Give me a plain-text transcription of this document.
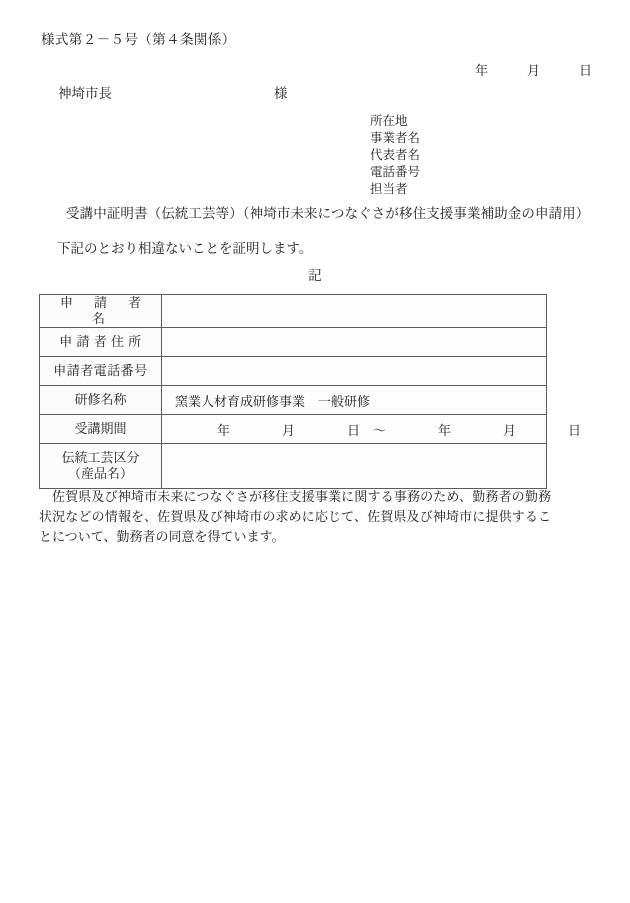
様式第２－５号（第４条関係）
年　　　月　　　日
神埼市長　　　　　　　　　　　　様
所在地
事業者名
代表者名
電話番号
担当者
受講中証明書（伝統工芸等）（神埼市未来につなぐさが移住支援事業補助金の申請用）
下記のとおり相違ないことを証明します。
記
申　請　者　名	
申 請 者 住 所	
申請者電話番号	
研修名称	窯業人材育成研修事業　一般研修
受講期間	年　　　　月　　　　日　～　　　　年　　　　月　　　　日
伝統工芸区分
（産品名）	

佐賀県及び神埼市未来につなぐさが移住支援事業に関する事務のため、勤務者の勤務状況などの情報を、佐賀県及び神埼市の求めに応じて、佐賀県及び神埼市に提供することについて、勤務者の同意を得ています。
